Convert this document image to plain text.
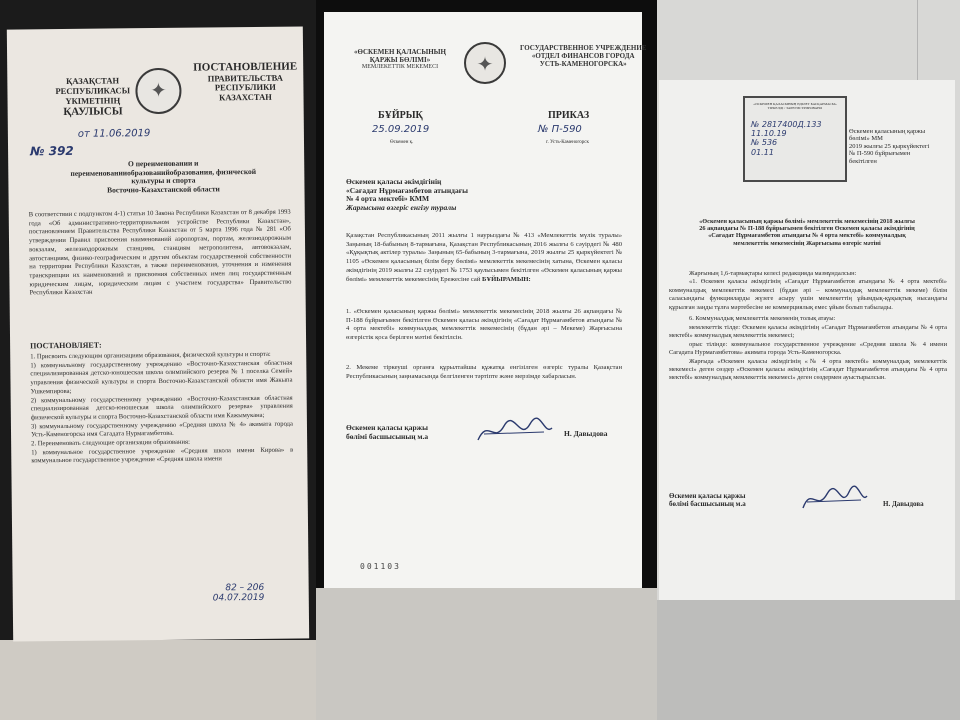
ҚАЗАҚСТАН
РЕСПУБЛИКАСЫ
ҮКІМЕТІНІҢ
ҚАУЛЫСЫ
✦
ПОСТАНОВЛЕНИЕ
ПРАВИТЕЛЬСТВА
РЕСПУБЛИКИ
КАЗАХСТАН
от 11.06.2019
№ 392
О переименовании и
переименованииобразованийобразования, физической
культуры и спорта
Восточно-Казахстанской области
В соответствии с подпунктом 4-1) статьи 10 Закона Республики Казахстан от 8 декабря 1993 года «Об административно-территориальном устройстве Республики Казахстан», постановлением Правительства Республики Казахстан от 5 марта 1996 года № 281 «Об утверждении Правил присвоения наименований аэропортам, портам, железнодорожным вокзалам, железнодорожным станциям, станциям метрополитена, автовокзалам, автостанциям, физико-географическим и другим объектам государственной собственности на территории Республики Казахстан, а также переименования, уточнения и изменения транскрипции их наименований и присвоения собственных имен лиц государственным юридическим лицам, юридическим лицам с участием государства» Правительство Республики Казахстан
ПОСТАНОВЛЯЕТ:
1. Присвоить следующим организациям образования, физической культуры и спорта:
1) коммунальному государственному учреждению «Восточно-Казахстанская областная специализированная детско-юношеская школа олимпийского резерва № 1 поселка Семей» управления физической культуры и спорта Восточно-Казахстанской области имя Жакыпа Ушкемпирова;
2) коммунальному государственному учреждению «Восточно-Казахстанская областная специализированная детско-юношеская школа олимпийского резерва» управления физической культуры и спорта Восточно-Казахстанской области имя Кажымукана;
3) коммунальному государственному учреждению «Средняя школа № 4» акимата города Усть-Каменогорска имя Сагадата Нурмагамбетова.
2. Переименовать следующие организации образования:
1) коммунальное государственное учреждение «Средняя школа имени Кирова» в коммунальное государственное учреждение «Средняя школа имени
82 – 206
04.07.2019
«ӨСКЕМЕН ҚАЛАСЫНЫҢ
ҚАРЖЫ БӨЛІМІ»
МЕМЛЕКЕТТІК МЕКЕМЕСІ
✦
ГОСУДАРСТВЕННОЕ УЧРЕЖДЕНИЕ
«ОТДЕЛ ФИНАНСОВ ГОРОДА
УСТЬ-КАМЕНОГОРСКА»
БҰЙРЫҚ	ПРИКАЗ
25.09.2019	№ П-590
Өскемен қ.	г. Усть-Каменогорск
Өскемен қаласы әкімдігінің
«Сағадат Нұрмағамбетов атындағы
№ 4 орта мектебі» КММ
Жарғысына өзгеріс енгізу туралы
Қазақстан Республикасының 2011 жылғы 1 наурыздағы № 413 «Мемлекеттік мүлік туралы» Заңының 18-бабының 8-тармағына, Қазақстан Республикасының 2016 жылғы 6 сәуірдегі № 480 «Құқықтық актілер туралы» Заңының 65-бабының 3-тармағына, 2019 жылғы 25 қыркүйектегі № 1105 «Өскемен қаласының білім беру бөлімі» мемлекеттік мекемесінің хатына, Өскемен қаласы әкімдігінің 2019 жылғы 22 сәуірдегі № 1753 қаулысымен бекітілген «Өскемен қаласының қаржы бөлімі» мемлекеттік мекемесінің Ережесіне сай БҰЙЫРАМЫН:
1. «Өскемен қаласының қаржы бөлімі» мемлекеттік мекемесінің 2018 жылғы 26 ақпандағы № П-188 бұйрығымен бекітілген Өскемен қаласы әкімдігінің «Сағадат Нұрмағамбетов атындағы № 4 орта мектебі» коммуналдық мемлекеттік мекемесінің (бұдан әрі – Мекеме) Жарғысына өзгерістік қоса берілген мәтіні бекітілсін.
2. Мекеме тіркеуші органға құрылтайшы құжатқа енгізілген өзгеріс туралы Қазақстан Республикасының заңнамасында белгіленген тәртіпте және мерзімде хабарласын.
Өскемен қаласы қаржы
бөлімі басшысының м.а	Н. Давыдова
001103
«ӨСКЕМЕН ҚАЛАСЫНЫҢ ӘДІЛЕТ БАСҚАРМАСЫ»
ТІРКЕЛДІ / ЗАРЕГИСТРИРОВАНО
№ 2817400Д.133
11.10.19
№ 536
01.11
Өскемен қаласының қаржы
бөлімі» ММ
2019 жылғы 25 қыркүйектегі
№ П-590 бұйрығымен
бекітілген
«Өскемен қаласының қаржы бөлімі» мемлекеттік мекемесінің 2018 жылғы
26 ақпандағы № П-188 бұйрығымен бекітілген Өскемен қаласы әкімдігінің
«Сағадат Нұрмағамбетов атындағы № 4 орта мектебі» коммуналдық
мемлекеттік мекемесінің Жарғысына өзгеріс мәтіні
Жарғының 1,6-тармақтары келесі редакцияда мазмұндалсын:
«1. Өскемен қаласы әкімдігінің «Сағадат Нұрмағамбетов атындағы № 4 орта мектебі» коммуналдық мемлекеттік мекемесі (бұдан әрі – коммуналдық мемлекеттік мекеме) білім саласындағы функцияларды жүзеге асыру үшін мемлекеттің ұйымдық-құқықтық нысандағы құрылған заңды тұлға мәртебесіне ие коммерциялық емес ұйым болып табылады.
6. Коммуналдық мемлекеттік мекеменің толық атауы:
мемлекеттік тілде: Өскемен қаласы әкімдігінің «Сағадат Нұрмағамбетов атындағы № 4 орта мектебі» коммуналдық мемлекеттік мекемесі;
орыс тілінде: коммунальное государственное учреждение «Средняя школа № 4 имени Сагадата Нурмагамбетова» акимата города Усть-Каменогорска.
Жарғыда «Өскемен қаласы әкімдігінің «№ 4 орта мектебі» коммуналдық мемлекеттік мекемесі» деген сөздер «Өскемен қаласы әкімдігінің «Сағадат Нұрмағамбетов атындағы № 4 орта мектебі» коммуналдық мемлекеттік мекемесі» деген сөздермен ауыстырылсын.
Өскемен қаласы қаржы
бөлімі басшысының м.а	Н. Давыдова
